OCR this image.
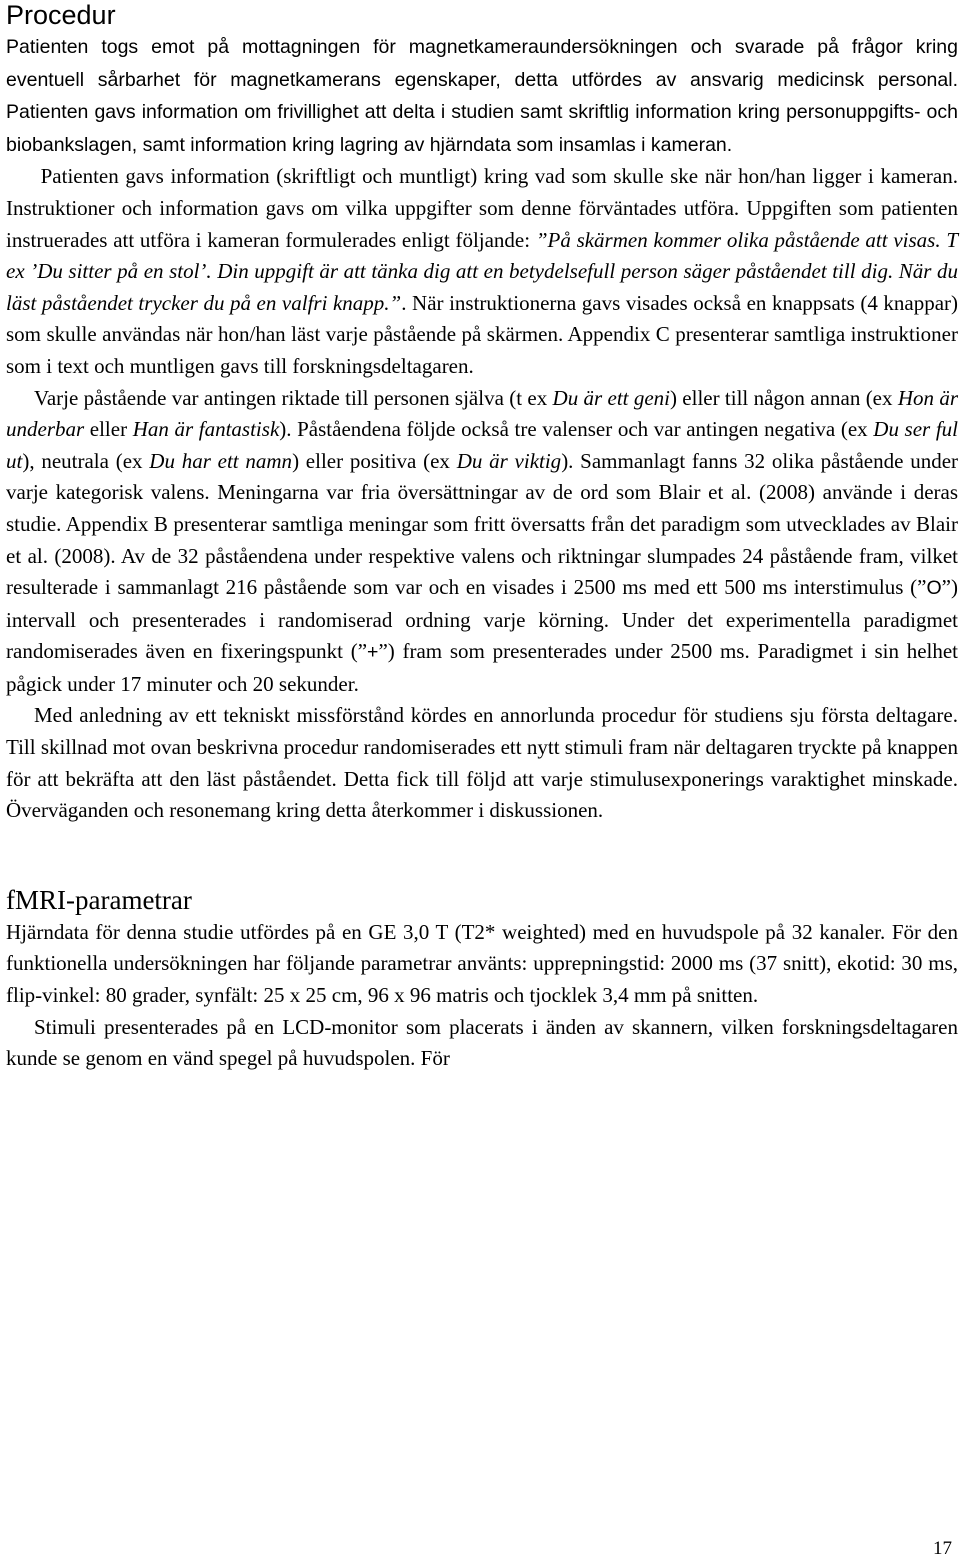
Procedur

Patienten togs emot på mottagningen för magnetkameraundersökningen och svarade på frågor kring eventuell sårbarhet för magnetkamerans egenskaper, detta utfördes av ansvarig medicinsk personal. Patienten gavs information om frivillighet att delta i studien samt skriftlig information kring personuppgifts- och biobankslagen, samt information kring lagring av hjärndata som insamlas i kameran.
Patienten gavs information (skriftligt och muntligt) kring vad som skulle ske när hon/han ligger i kameran. Instruktioner och information gavs om vilka uppgifter som denne förväntades utföra. Uppgiften som patienten instruerades att utföra i kameran formulerades enligt följande: ”På skärmen kommer olika påstående att visas. T ex ’Du sitter på en stol’. Din uppgift är att tänka dig att en betydelsefull person säger påståendet till dig. När du läst påståendet trycker du på en valfri knapp.”. När instruktionerna gavs visades också en knappsats (4 knappar) som skulle användas när hon/han läst varje påstående på skärmen. Appendix C presenterar samtliga instruktioner som i text och muntligen gavs till forskningsdeltagaren.

Varje påstående var antingen riktade till personen själva (t ex Du är ett geni) eller till någon annan (ex Hon är underbar eller Han är fantastisk). Påståendena följde också tre valenser och var antingen negativa (ex Du ser ful ut), neutrala (ex Du har ett namn) eller positiva (ex Du är viktig). Sammanlagt fanns 32 olika påstående under varje kategorisk valens. Meningarna var fria översättningar av de ord som Blair et al. (2008) använde i deras studie. Appendix B presenterar samtliga meningar som fritt översatts från det paradigm som utvecklades av Blair et al. (2008). Av de 32 påståendena under respektive valens och riktningar slumpades 24 påstående fram, vilket resulterade i sammanlagt 216 påstående som var och en visades i 2500 ms med ett 500 ms interstimulus (”O”) intervall och presenterades i randomiserad ordning varje körning. Under det experimentella paradigmet randomiserades även en fixeringspunkt (”+”) fram som presenterades under 2500 ms. Paradigmet i sin helhet pågick under 17 minuter och 20 sekunder.

Med anledning av ett tekniskt missförstånd kördes en annorlunda procedur för studiens sju första deltagare. Till skillnad mot ovan beskrivna procedur randomiserades ett nytt stimuli fram när deltagaren tryckte på knappen för att bekräfta att den läst påståendet. Detta fick till följd att varje stimulusexponerings varaktighet minskade. Överväganden och resonemang kring detta återkommer i diskussionen.

fMRI-parametrar

Hjärndata för denna studie utfördes på en GE 3,0 T (T2* weighted) med en huvudspole på 32 kanaler. För den funktionella undersökningen har följande parametrar använts: upprepningstid: 2000 ms (37 snitt), ekotid: 30 ms, flip-vinkel: 80 grader, synfält: 25 x 25 cm, 96 x 96 matris och tjocklek 3,4 mm på snitten.

Stimuli presenterades på en LCD-monitor som placerats i änden av skannern, vilken forskningsdeltagaren kunde se genom en vänd spegel på huvudspolen. För

17
